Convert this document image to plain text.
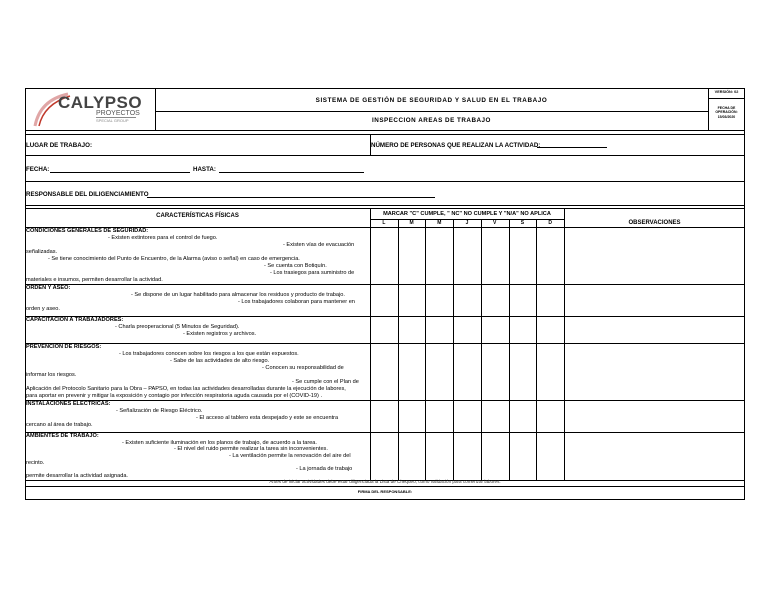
CALYPSO
PROYECTOS
SPECIAL GROUP
SISTEMA DE GESTIÓN DE SEGURIDAD Y SALUD EN EL TRABAJO
INSPECCION AREAS DE TRABAJO
VERSIÓN: 02
FECHA DE OPERACIÓN:
15/03/2020
LUGAR DE TRABAJO:	NÚMERO DE PERSONAS QUE REALIZAN LA ACTIVIDAD:
FECHA:	HASTA:
RESPONSABLE DEL DILIGENCIAMIENTO
CARACTERÍSTICAS FÍSICAS	MARCAR "C" CUMPLE, " NC" NO CUMPLE Y "N/A" NO APLICA
OBSERVACIONES
L	M	M	J	V	S	D
CONDICIONES GENERALES DE SEGURIDAD:
- Existen extintores para el control de fuego.
- Existen vías de evacuación
señalizadas.
- Se tiene conocimiento del Punto de Encuentro, de la Alarma (aviso o señal) en caso de emergencia.
- Se cuenta con Botiquín.
- Los trasiegos para suministro de
materiales e insumos, permiten desarrollar la actividad.
ORDEN Y ASEO:
- Se dispone de un lugar habilitado para almacenar los residuos y producto de trabajo.
- Los trabajadores colaboran para mantener en
orden y aseo.
CAPACITACIÓN A TRABAJADORES:
- Charla preoperacional (5 Minutos de Seguridad).
- Existen registros y archivos.
PREVENCIÓN DE RIESGOS:
- Los trabajadores conocen sobre los riesgos a los que están expuestos.
- Sabe de las actividades de alto riesgo.
- Conocen su responsabilidad de
informar los riesgos.
- Se cumple con el Plan de
Aplicación del Protocolo Sanitario para la Obra – PAPSO, en todas las actividades desarrolladas durante la ejecución de labores,
para aportar en prevenir y mitigar la exposición y contagio por infección respiratoria aguda causada por el (COVID-19) .
INSTALACIONES ELÉCTRICAS:
- Señalización de Riesgo Eléctrico.
- El acceso al tablero esta despejado y este se encuentra
cercano al área de trabajo.
AMBIENTES DE TRABAJO:
- Existen suficiente iluminación en los planos de trabajo, de acuerdo a la tarea.
- El nivel del ruido permite realizar la tarea sin inconvenientes.
- La ventilación permite la renovación del aire del
recinto.
- La jornada de trabajo
permite desarrollar la actividad asignada.
Antes de iniciar actividades debe estar diligenciada la Lista de Chequeo, como validación para comenzar labores.
FIRMA DEL RESPONSABLE:
